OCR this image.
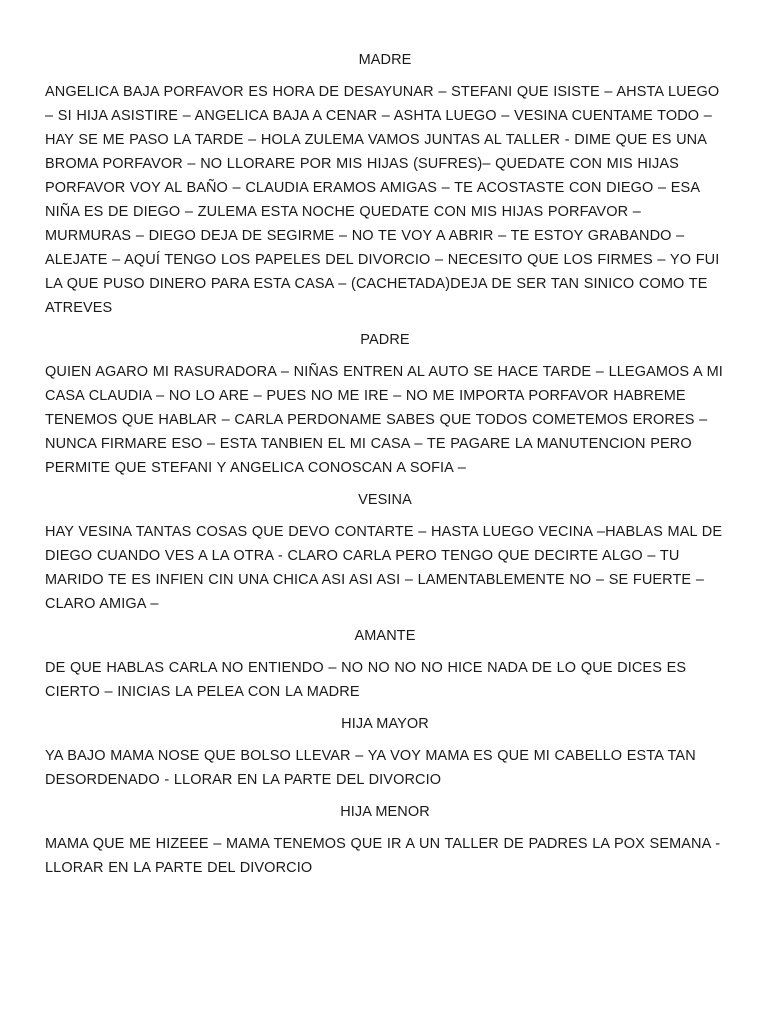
MADRE

ANGELICA BAJA PORFAVOR ES HORA DE DESAYUNAR – STEFANI QUE ISISTE – AHSTA LUEGO – SI HIJA ASISTIRE – ANGELICA BAJA A CENAR – ASHTA LUEGO – VESINA CUENTAME TODO – HAY SE ME PASO LA TARDE – HOLA ZULEMA VAMOS JUNTAS AL TALLER - DIME QUE ES UNA BROMA PORFAVOR – NO LLORARE POR MIS HIJAS (SUFRES)– QUEDATE CON MIS HIJAS PORFAVOR VOY AL BAÑO – CLAUDIA ERAMOS AMIGAS – TE ACOSTASTE CON DIEGO – ESA NIÑA ES DE DIEGO – ZULEMA ESTA NOCHE QUEDATE CON MIS HIJAS PORFAVOR – MURMURAS – DIEGO DEJA DE SEGIRME – NO TE VOY A ABRIR – TE ESTOY GRABANDO – ALEJATE – AQUÍ TENGO LOS PAPELES DEL DIVORCIO – NECESITO QUE LOS FIRMES – YO FUI LA QUE PUSO DINERO PARA ESTA CASA – (CACHETADA)DEJA DE SER TAN SINICO COMO TE ATREVES

PADRE

QUIEN AGARO MI RASURADORA – NIÑAS ENTREN AL AUTO SE HACE TARDE – LLEGAMOS A MI CASA CLAUDIA – NO LO ARE – PUES NO ME IRE – NO ME IMPORTA PORFAVOR HABREME TENEMOS QUE HABLAR – CARLA PERDONAME SABES QUE TODOS COMETEMOS ERORES – NUNCA FIRMARE ESO – ESTA TANBIEN EL MI CASA – TE PAGARE LA MANUTENCION PERO PERMITE QUE STEFANI Y ANGELICA CONOSCAN A SOFIA –

VESINA

HAY VESINA TANTAS COSAS QUE DEVO CONTARTE – HASTA LUEGO VECINA –HABLAS MAL DE DIEGO CUANDO VES A LA OTRA - CLARO CARLA PERO TENGO QUE DECIRTE ALGO – TU MARIDO TE ES INFIEN CIN UNA CHICA ASI ASI ASI – LAMENTABLEMENTE NO – SE FUERTE – CLARO AMIGA –

AMANTE

DE QUE HABLAS CARLA NO ENTIENDO – NO NO NO NO HICE NADA DE LO QUE DICES ES CIERTO – INICIAS LA PELEA CON LA MADRE

HIJA MAYOR

YA BAJO MAMA NOSE QUE BOLSO LLEVAR – YA VOY MAMA ES QUE MI CABELLO ESTA TAN DESORDENADO - LLORAR EN LA PARTE DEL DIVORCIO

HIJA MENOR

MAMA QUE ME HIZEEE – MAMA TENEMOS QUE IR A UN TALLER DE PADRES LA POX SEMANA - LLORAR EN LA PARTE DEL DIVORCIO
